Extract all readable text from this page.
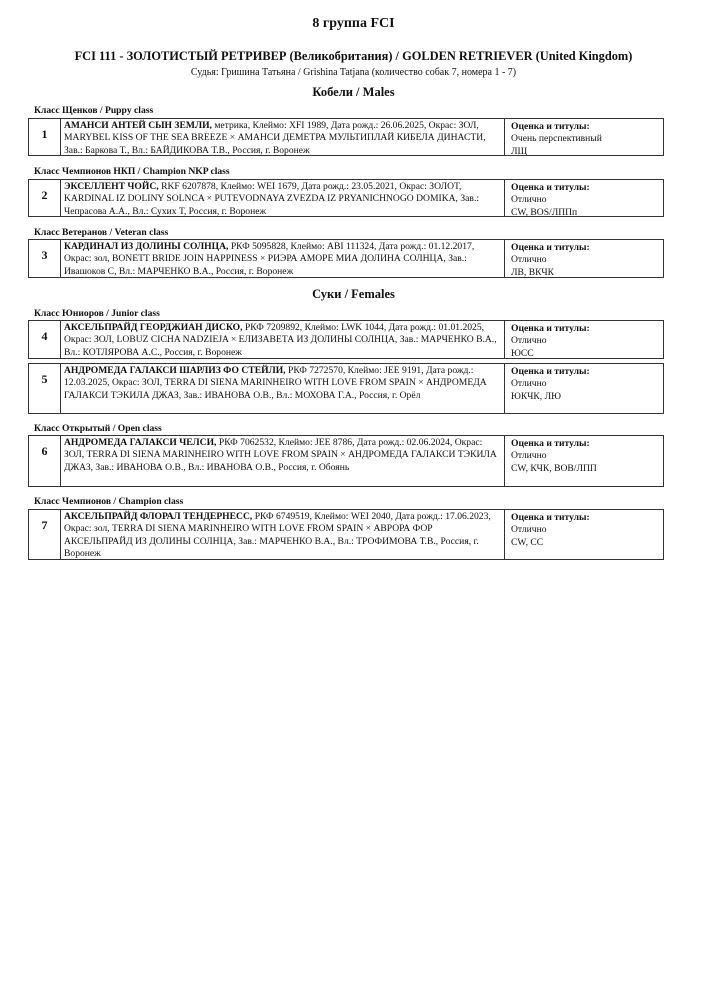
8 группа FCI
FCI 111 - ЗОЛОТИСТЫЙ РЕТРИВЕР (Великобритания) / GOLDEN RETRIEVER (United Kingdom)
Судья: Гришина Татьяна / Grishina Tatjana (количество собак 7, номера 1 - 7)
Кобели / Males
Класс Щенков / Puppy class
1
АМАНСИ АНТЕЙ СЫН ЗЕМЛИ, метрика, Клеймо: XFI 1989, Дата рожд.: 26.06.2025, Окрас: ЗОЛ, MARYBEL KISS OF THE SEA BREEZE × АМАНСИ ДЕМЕТРА МУЛЬТИПЛАЙ КИБЕЛА ДИНАСТИ, Зав.: Баркова Т., Вл.: БАЙДИКОВА Т.В., Россия, г. Воронеж
Оценка и титулы:
Очень перспективный
ЛЩ
Класс Чемпионов НКП / Champion NKP class
2
ЭКСЕЛЛЕНТ ЧОЙС, RKF 6207878, Клеймо: WEI 1679, Дата рожд.: 23.05.2021, Окрас: ЗОЛОТ, KARDINAL IZ DOLINY SOLNCA × PUTEVODNAYA ZVEZDA IZ PRYANICHNOGO DOMIKA, Зав.: Чепрасова А.А., Вл.: Сухих Т, Россия, г. Воронеж
Оценка и титулы:
Отлично
CW, BOS/ЛППп
Класс Ветеранов / Veteran class
3
КАРДИНАЛ ИЗ ДОЛИНЫ СОЛНЦА, РКФ 5095828, Клеймо: ABI 111324, Дата рожд.: 01.12.2017, Окрас: зол, BONETT BRIDE JOIN HAPPINESS × РИЭРА АМОРЕ МИА ДОЛИНА СОЛНЦА, Зав.: Ивашоков С, Вл.: МАРЧЕНКО В.А., Россия, г. Воронеж
Оценка и титулы:
Отлично
ЛВ, ВКЧК
Суки / Females
Класс Юниоров / Junior class
4
АКСЕЛЬПРАЙД ГЕОРДЖИАН ДИСКО, РКФ 7209892, Клеймо: LWK 1044, Дата рожд.: 01.01.2025, Окрас: ЗОЛ, LOBUZ CICHA NADZIEJA × ЕЛИЗАВЕТА ИЗ ДОЛИНЫ СОЛНЦА, Зав.: МАРЧЕНКО В.А., Вл.: КОТЛЯРОВА А.С., Россия, г. Воронеж
Оценка и титулы:
Отлично
ЮСС
5
АНДРОМЕДА ГАЛАКСИ ШАРЛИЗ ФО СТЕЙЛИ, РКФ 7272570, Клеймо: JEE 9191, Дата рожд.: 12.03.2025, Окрас: ЗОЛ, TERRA DI SIENA MARINHEIRO WITH LOVE FROM SPAIN × АНДРОМЕДА ГАЛАКСИ ТЭКИЛА ДЖАЗ, Зав.: ИВАНОВА О.В., Вл.: МОХОВА Г.А., Россия, г. Орёл
Оценка и титулы:
Отлично
ЮКЧК, ЛЮ
Класс Открытый / Open class
6
АНДРОМЕДА ГАЛАКСИ ЧЕЛСИ, РКФ 7062532, Клеймо: JEE 8786, Дата рожд.: 02.06.2024, Окрас: ЗОЛ, TERRA DI SIENA MARINHEIRO WITH LOVE FROM SPAIN × АНДРОМЕДА ГАЛАКСИ ТЭКИЛА ДЖАЗ, Зав.: ИВАНОВА О.В., Вл.: ИВАНОВА О.В., Россия, г. Обоянь
Оценка и титулы:
Отлично
CW, КЧК, BOB/ЛПП
Класс Чемпионов / Champion class
7
АКСЕЛЬПРАЙД ФЛОРАЛ ТЕНДЕРНЕСС, РКФ 6749519, Клеймо: WEI 2040, Дата рожд.: 17.06.2023, Окрас: зол, TERRA DI SIENA MARINHEIRO WITH LOVE FROM SPAIN × АВРОРА ФОР АКСЕЛЬПРАЙД ИЗ ДОЛИНЫ СОЛНЦА, Зав.: МАРЧЕНКО В.А., Вл.: ТРОФИМОВА Т.В., Россия, г. Воронеж
Оценка и титулы:
Отлично
CW, CC
